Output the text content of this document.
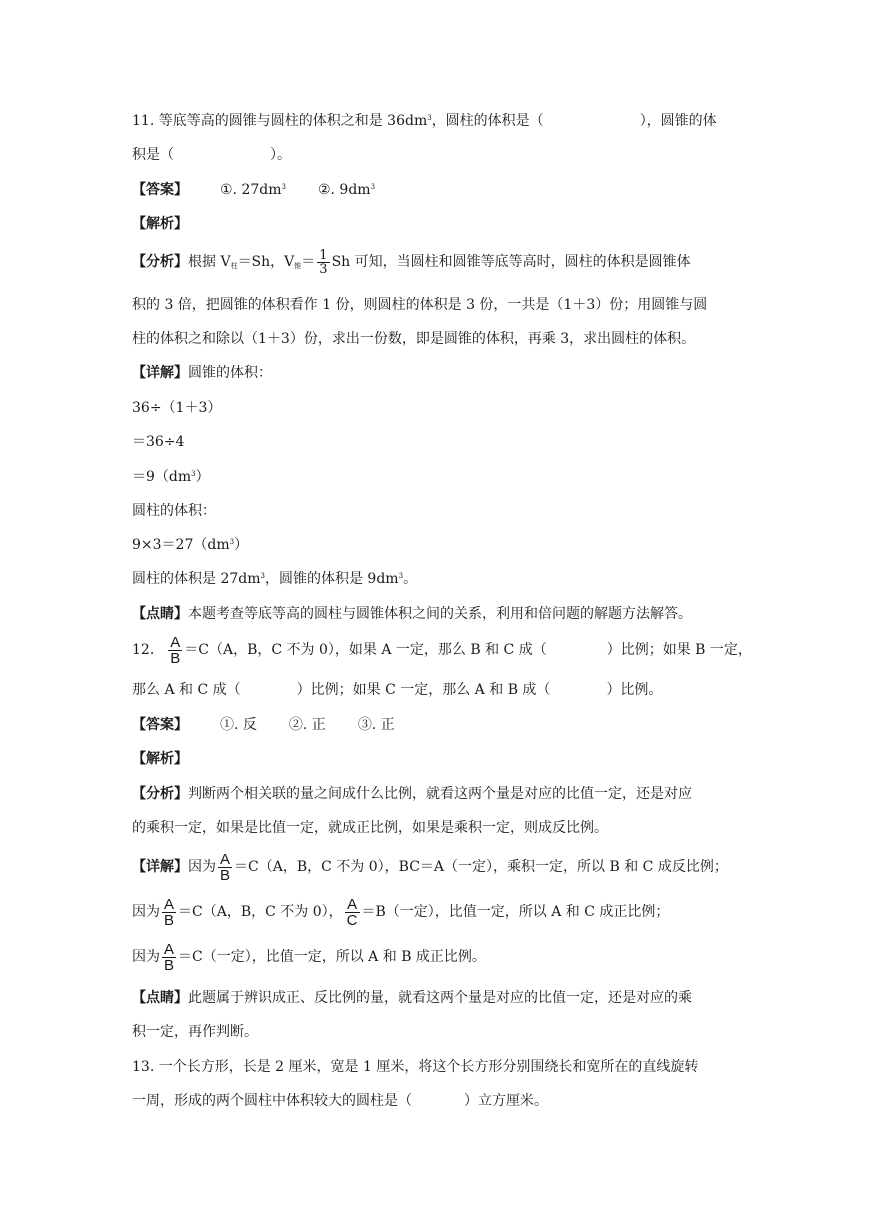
11. 等底等高的圆锥与圆柱的体积之和是 $36dm^3$，圆柱的体积是（	），圆锥的体
积是（	）。
【答案】 ①. $27dm^3$ ②. $9dm^3$
【解析】
【分析】根据 $V_柱=Sh$，$V_锥= \frac{1}{3}$ Sh 可知，当圆柱和圆锥等底等高时，圆柱的体积是圆锥体
积的 3 倍，把圆锥的体积看作 1 份，则圆柱的体积是 3 份，一共是（1＋3）份；用圆锥与圆
柱的体积之和除以（1＋3）份，求出一份数，即是圆锥的体积，再乘 3，求出圆柱的体积。
【详解】圆锥的体积：
36÷（1＋3）
＝36÷4
$=9(dm^3)$
圆柱的体积：
$9\times 3=27(dm^3)$
圆柱的体积是 $27dm^3$，圆锥的体积是 $9dm^3$。
【点睛】本题考查等底等高的圆柱与圆锥体积之间的关系，利用和倍问题的解题方法解答。
12. $\frac{A}{B} =C(A$，B，C 不为 0），如果 A 一定，那么 B 和 C 成（	）比例；如果 B 一定，
那么 A 和 C 成（	）比例；如果 C 一定，那么 A 和 B 成（	）比例。
【答案】 ①. 反 ②. 正 ③. 正
【解析】
【分析】判断两个相关联的量之间成什么比例，就看这两个量是对应的比值一定，还是对应
的乘积一定，如果是比值一定，就成正比例，如果是乘积一定，则成反比例。
【详解】因为 $\frac{A}{B} =C(A$，B，C 不为 0），BC＝A（一定），乘积一定，所以 B 和 C 成反比例；
因为 $\frac{A}{B} =C(A$，B，C 不为 0）， $\frac{A}{C} =B$（一定），比值一定，所以 A 和 C 成正比例；
因为 $\frac{A}{B} =C$（一定），比值一定，所以 A 和 B 成正比例。
【点睛】此题属于辨识成正、反比例的量，就看这两个量是对应的比值一定，还是对应的乘
积一定，再作判断。
13. 一个长方形，长是 2 厘米，宽是 1 厘米，将这个长方形分别围绕长和宽所在的直线旋转
一周，形成的两个圆柱中体积较大的圆柱是（	）立方厘米。
